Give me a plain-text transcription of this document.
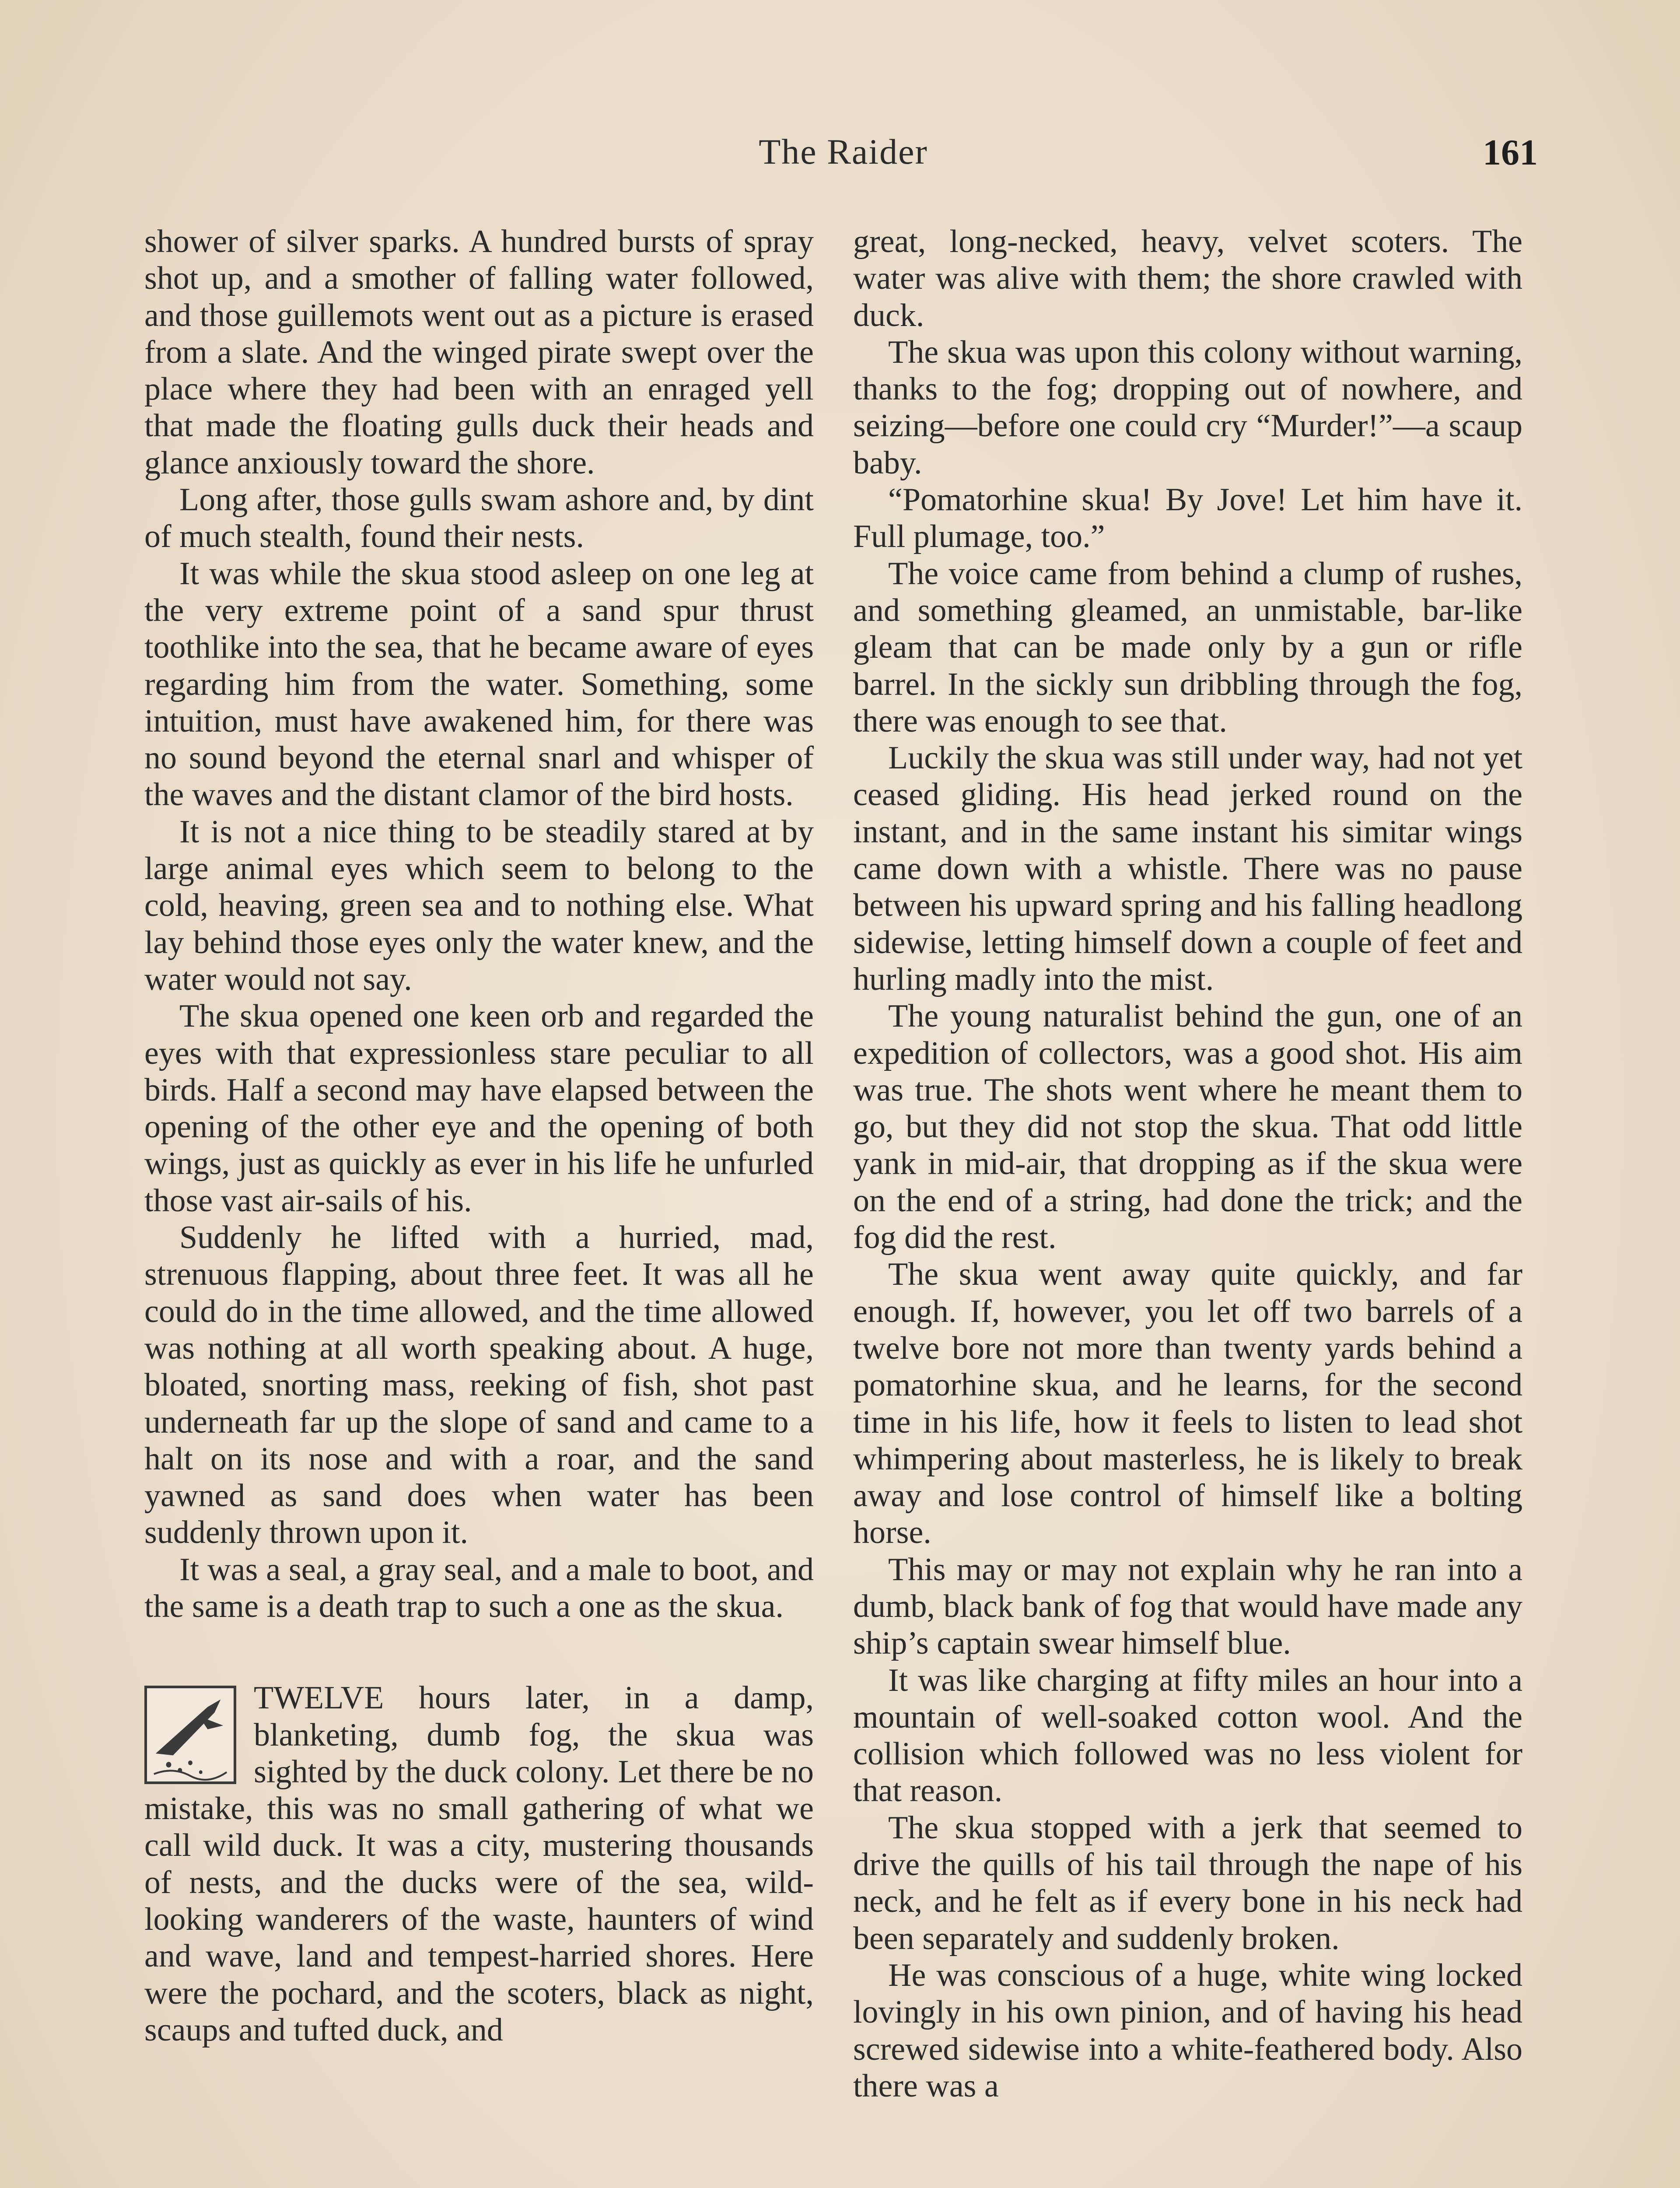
The Raider	161

shower of silver sparks. A hundred bursts of spray shot up, and a smother of falling water followed, and those guillemots went out as a picture is erased from a slate. And the winged pirate swept over the place where they had been with an enraged yell that made the floating gulls duck their heads and glance anxiously toward the shore.

Long after, those gulls swam ashore and, by dint of much stealth, found their nests.

It was while the skua stood asleep on one leg at the very extreme point of a sand spur thrust toothlike into the sea, that he became aware of eyes regarding him from the water. Something, some intuition, must have awakened him, for there was no sound beyond the eternal snarl and whisper of the waves and the distant clamor of the bird hosts.

It is not a nice thing to be steadily stared at by large animal eyes which seem to belong to the cold, heaving, green sea and to nothing else. What lay behind those eyes only the water knew, and the water would not say.

The skua opened one keen orb and regarded the eyes with that expressionless stare peculiar to all birds. Half a second may have elapsed between the opening of the other eye and the opening of both wings, just as quickly as ever in his life he unfurled those vast air-sails of his.

Suddenly he lifted with a hurried, mad, strenuous flapping, about three feet. It was all he could do in the time allowed, and the time allowed was nothing at all worth speaking about. A huge, bloated, snorting mass, reeking of fish, shot past underneath far up the slope of sand and came to a halt on its nose and with a roar, and the sand yawned as sand does when water has been suddenly thrown upon it.

It was a seal, a gray seal, and a male to boot, and the same is a death trap to such a one as the skua.

TWELVE hours later, in a damp, blanketing, dumb fog, the skua was sighted by the duck colony. Let there be no mistake, this was no small gathering of what we call wild duck. It was a city, mustering thousands of nests, and the ducks were of the sea, wild-looking wanderers of the waste, haunters of wind and wave, land and tempest-harried shores. Here were the pochard, and the scoters, black as night, scaups and tufted duck, and

great, long-necked, heavy, velvet scoters. The water was alive with them; the shore crawled with duck.

The skua was upon this colony without warning, thanks to the fog; dropping out of nowhere, and seizing—before one could cry “Murder!”—a scaup baby.

“Pomatorhine skua! By Jove! Let him have it. Full plumage, too.”

The voice came from behind a clump of rushes, and something gleamed, an unmistable, bar-like gleam that can be made only by a gun or rifle barrel. In the sickly sun dribbling through the fog, there was enough to see that.

Luckily the skua was still under way, had not yet ceased gliding. His head jerked round on the instant, and in the same instant his simitar wings came down with a whistle. There was no pause between his upward spring and his falling headlong sidewise, letting himself down a couple of feet and hurling madly into the mist.

The young naturalist behind the gun, one of an expedition of collectors, was a good shot. His aim was true. The shots went where he meant them to go, but they did not stop the skua. That odd little yank in mid-air, that dropping as if the skua were on the end of a string, had done the trick; and the fog did the rest.

The skua went away quite quickly, and far enough. If, however, you let off two barrels of a twelve bore not more than twenty yards behind a pomatorhine skua, and he learns, for the second time in his life, how it feels to listen to lead shot whimpering about masterless, he is likely to break away and lose control of himself like a bolting horse.

This may or may not explain why he ran into a dumb, black bank of fog that would have made any ship’s captain swear himself blue.

It was like charging at fifty miles an hour into a mountain of well-soaked cotton wool. And the collision which followed was no less violent for that reason.

The skua stopped with a jerk that seemed to drive the quills of his tail through the nape of his neck, and he felt as if every bone in his neck had been separately and suddenly broken.

He was conscious of a huge, white wing locked lovingly in his own pinion, and of having his head screwed sidewise into a white-feathered body. Also there was a
